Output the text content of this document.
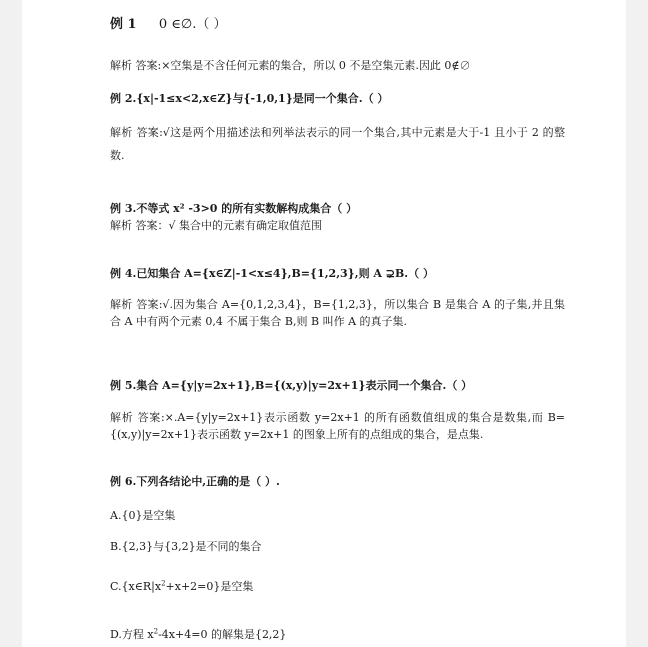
例 1 0 ∈∅.（ ）
解析 答案:×空集是不含任何元素的集合，所以 0 不是空集元素.因此 0∉∅
例 2.{x|-1≤x<2,x∈Z}与{-1,0,1}是同一个集合.（ ）
解析 答案:√这是两个用描述法和列举法表示的同一个集合,其中元素是大于-1 且小于 2 的整数.
例 3.不等式 x² -3>0 的所有实数解构成集合（ ）
解析 答案：√ 集合中的元素有确定取值范围
例 4.已知集合 A={x∈Z|-1<x≤4},B={1,2,3},则 A ⊋B.（ ）
解析 答案:√.因为集合 A={0,1,2,3,4}，B={1,2,3}，所以集合 B 是集合 A 的子集,并且集合 A 中有两个元素 0,4 不属于集合 B,则 B 叫作 A 的真子集.
例 5.集合 A={y|y=2x+1},B={(x,y)|y=2x+1}表示同一个集合.（ ）
解析 答案:×.A={y|y=2x+1}表示函数 y=2x+1 的所有函数值组成的集合是数集,而 B={(x,y)|y=2x+1}表示函数 y=2x+1 的图象上所有的点组成的集合，是点集.
例 6.下列各结论中,正确的是（ ）.
A.{0}是空集
B.{2,3}与{3,2}是不同的集合
$C.\{x\in R|x^2+x+2=0\}$是空集
D.方程 $x^2-4x+4=0$ 的解集是{2,2}
